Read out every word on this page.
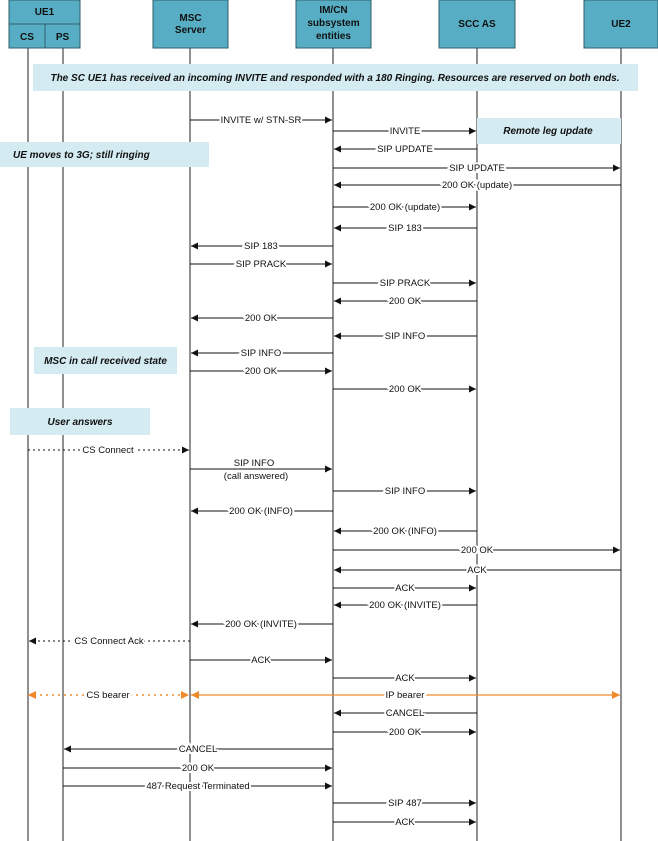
UE1
CS PS
MSC
Server
IM/CN
subsystem
entities
SCC AS	UE2
The SC UE1 has received an incoming INVITE and responded with a 180 Ringing. Resources are reserved on both ends.
Remote leg update
UE moves to 3G; still ringing
MSC in call received state
User answers
INVITE w/ STN-SR
INVITE
SIP UPDATE
SIP UPDATE
200 OK (update)
200 OK (update)
SIP 183
SIP 183
SIP PRACK
SIP PRACK
200 OK
200 OK
SIP INFO
SIP INFO
200 OK
200 OK
CS Connect
SIP INFO
(call answered)
SIP INFO
200 OK (INFO)
200 OK (INFO)
200 OK
ACK
ACK
200 OK (INVITE)
200 OK (INVITE)
CS Connect Ack
ACK
ACK
CS bearer	IP bearer
CANCEL
200 OK
CANCEL
200 OK
487 Request Terminated
SIP 487
ACK
